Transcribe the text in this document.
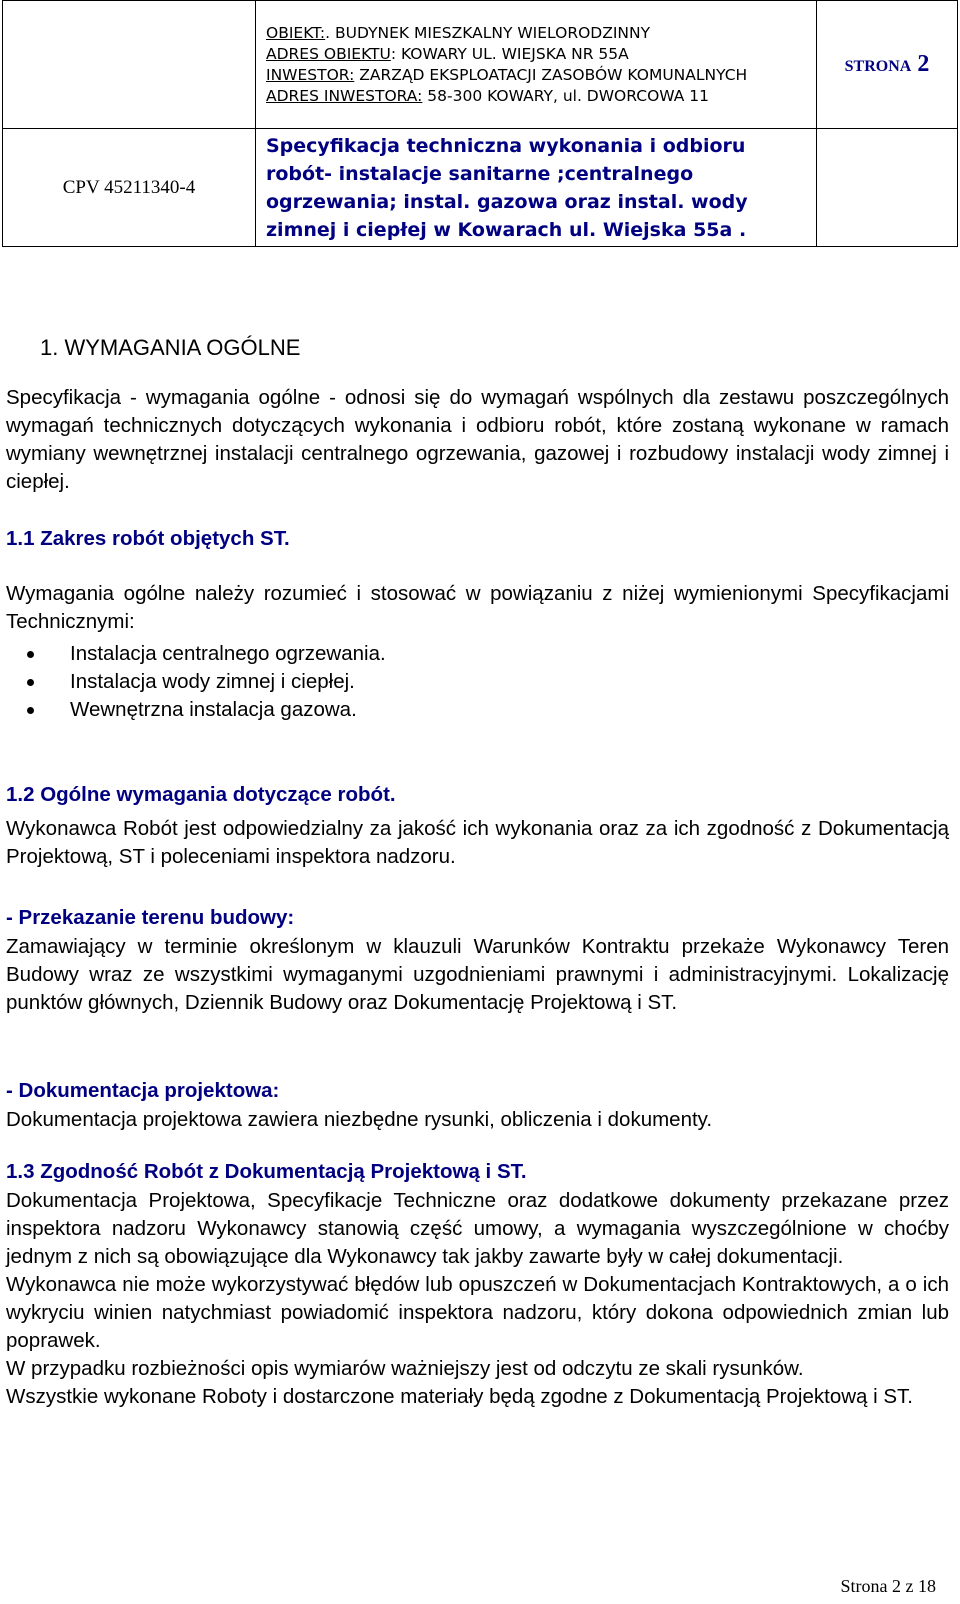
	OBIEKT:. BUDYNEK MIESZKALNY WIELORODZINNY
ADRES OBIEKTU: KOWARY UL. WIEJSKA NR 55A
INWESTOR: ZARZĄD EKSPLOATACJI ZASOBÓW KOMUNALNYCH
ADRES INWESTORA: 58-300 KOWARY, ul. DWORCOWA 11	STRONA 2
CPV 45211340-4	Specyfikacja techniczna wykonania i odbioru
robót- instalacje sanitarne ;centralnego
ogrzewania; instal. gazowa oraz instal. wody
zimnej i ciepłej w Kowarach ul. Wiejska 55a .	

1. WYMAGANIA OGÓLNE
Specyfikacja - wymagania ogólne - odnosi się do wymagań wspólnych dla zestawu poszczególnych wymagań technicznych dotyczących wykonania i odbioru robót, które zostaną wykonane w ramach wymiany wewnętrznej instalacji centralnego ogrzewania, gazowej i rozbudowy instalacji wody zimnej i ciepłej.
1.1 Zakres robót objętych ST.
Wymagania ogólne należy rozumieć i stosować w powiązaniu z niżej wymienionymi Specyfikacjami Technicznymi:
Instalacja centralnego ogrzewania.
Instalacja wody zimnej i ciepłej.
Wewnętrzna instalacja gazowa.
1.2 Ogólne wymagania dotyczące robót.
Wykonawca Robót jest odpowiedzialny za jakość ich wykonania oraz za ich zgodność z Dokumentacją Projektową, ST i poleceniami inspektora nadzoru.
- Przekazanie terenu budowy:
Zamawiający w terminie określonym w klauzuli Warunków Kontraktu przekaże Wykonawcy Teren Budowy wraz ze wszystkimi wymaganymi uzgodnieniami prawnymi i administracyjnymi. Lokalizację punktów głównych, Dziennik Budowy oraz Dokumentację Projektową i ST.
- Dokumentacja projektowa:
Dokumentacja projektowa zawiera niezbędne rysunki, obliczenia i dokumenty.
1.3 Zgodność Robót z Dokumentacją Projektową i ST.
Dokumentacja Projektowa, Specyfikacje Techniczne oraz dodatkowe dokumenty przekazane przez inspektora nadzoru Wykonawcy stanowią część umowy, a wymagania wyszczególnione w choćby jednym z nich są obowiązujące dla Wykonawcy tak jakby zawarte były w całej dokumentacji.
Wykonawca nie może wykorzystywać błędów lub opuszczeń w Dokumentacjach Kontraktowych, a o ich wykryciu winien natychmiast powiadomić inspektora nadzoru, który dokona odpowiednich zmian lub poprawek.
W przypadku rozbieżności opis wymiarów ważniejszy jest od odczytu ze skali rysunków.
Wszystkie wykonane Roboty i dostarczone materiały będą zgodne z Dokumentacją Projektową i ST.
Strona 2 z 18
